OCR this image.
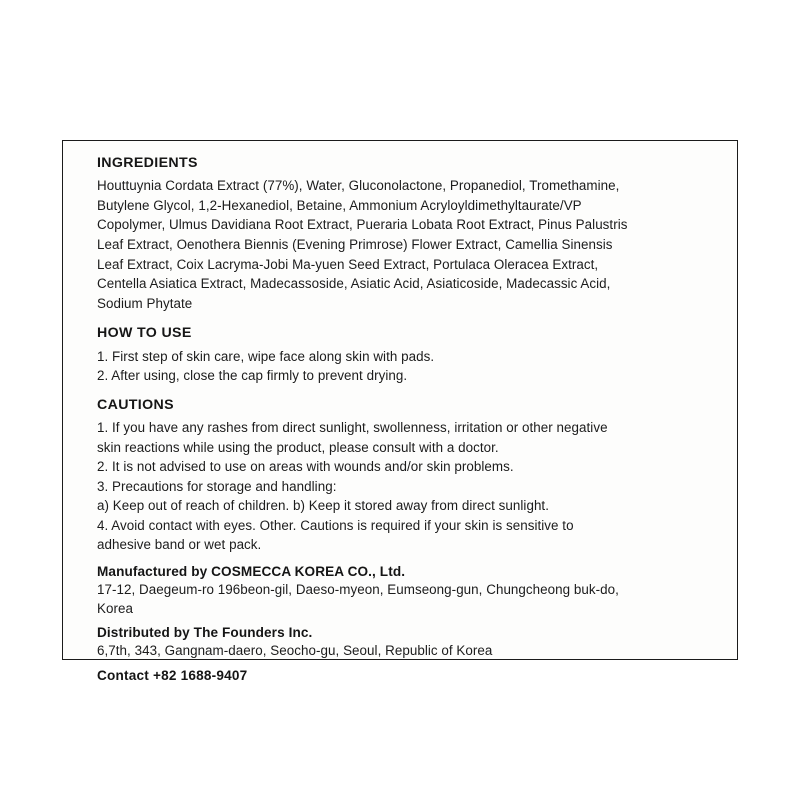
INGREDIENTS

Houttuynia Cordata Extract (77%), Water, Gluconolactone, Propanediol, Tromethamine,
Butylene Glycol, 1,2-Hexanediol, Betaine, Ammonium Acryloyldimethyltaurate/VP
Copolymer, Ulmus Davidiana Root Extract, Pueraria Lobata Root Extract, Pinus Palustris
Leaf Extract, Oenothera Biennis (Evening Primrose) Flower Extract, Camellia Sinensis
Leaf Extract, Coix Lacryma-Jobi Ma-yuen Seed Extract, Portulaca Oleracea Extract,
Centella Asiatica Extract, Madecassoside, Asiatic Acid, Asiaticoside, Madecassic Acid,
Sodium Phytate

HOW TO USE

1. First step of skin care, wipe face along skin with pads.
2. After using, close the cap firmly to prevent drying.

CAUTIONS

1. If you have any rashes from direct sunlight, swollenness, irritation or other negative
skin reactions while using the product, please consult with a doctor.
2. It is not advised to use on areas with wounds and/or skin problems.
3. Precautions for storage and handling:
a) Keep out of reach of children. b) Keep it stored away from direct sunlight.
4. Avoid contact with eyes. Other. Cautions is required if your skin is sensitive to
adhesive band or wet pack.

Manufactured by COSMECCA KOREA CO., Ltd.

17-12, Daegeum-ro 196beon-gil, Daeso-myeon, Eumseong-gun, Chungcheong buk-do,
Korea

Distributed by The Founders Inc.

6,7th, 343, Gangnam-daero, Seocho-gu, Seoul, Republic of Korea

Contact +82 1688-9407
